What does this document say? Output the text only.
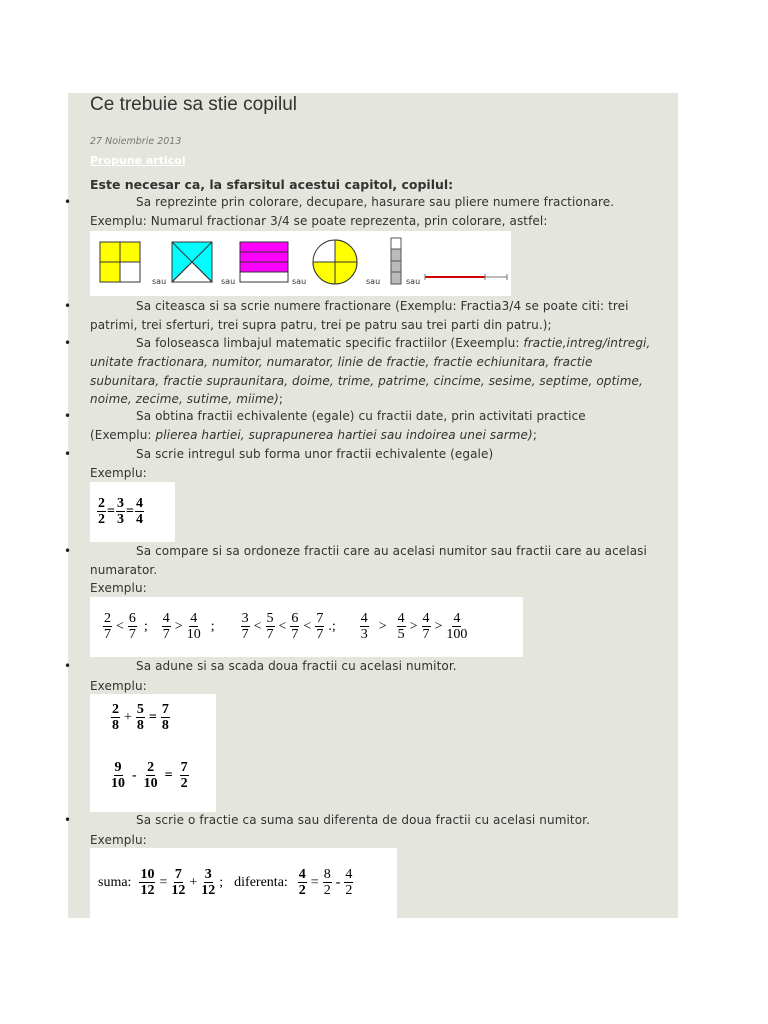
Ce trebuie sa stie copilul
27 Noiembrie 2013
Propune articol
Este necesar ca, la sfarsitul acestui capitol, copilul:
•	Sa reprezinte prin colorare, decupare, hasurare sau pliere numere fractionare.
Exemplu: Numarul fractionar 3/4 se poate reprezenta, prin colorare, astfel:
sau	sau	sau	sau	sau
•	Sa citeasca si sa scrie numere fractionare (Exemplu: Fractia3/4 se poate citi: trei
patrimi, trei sferturi, trei supra patru, trei pe patru sau trei parti din patru.);
•	Sa foloseasca limbajul matematic specific fractiilor (Exeemplu: fractie,intreg/intregi,
unitate fractionara, numitor, numarator, linie de fractie, fractie echiunitara, fractie
subunitara, fractie supraunitara, doime, trime, patrime, cincime, sesime, septime, optime,
noime, zecime, sutime, miime);
•	Sa obtina fractii echivalente (egale) cu fractii date, prin activitati practice
(Exemplu: plierea hartiei, suprapunerea hartiei sau indoirea unei sarme);
•	Sa scrie intregul sub forma unor fractii echivalente (egale)
Exemplu:
$\frac{2}{2} = \frac{3}{3} = \frac{4}{4}$
•	Sa compare si sa ordoneze fractii care au acelasi numitor sau fractii care au acelasi
numarator.
Exemplu:
$\frac{2}{7} < \frac{6}{7}$ ; $\frac{4}{7} > \frac{4}{10}$ ; $\frac{3}{7} < \frac{5}{7} < \frac{6}{7} < \frac{7}{7}$ .; $\frac{4}{3} > \frac{4}{5} > \frac{4}{7} > \frac{4}{100}$
•	Sa adune si sa scada doua fractii cu acelasi numitor.
Exemplu:
$\frac{2}{8} + \frac{5}{8} = \frac{7}{8}$
$\frac{9}{10} - \frac{2}{10} = \frac{7}{2}$
•	Sa scrie o fractie ca suma sau diferenta de doua fractii cu acelasi numitor.
Exemplu:
suma: $\frac{10}{12} = \frac{7}{12} + \frac{3}{12}$ ; diferenta: $\frac{4}{2} = \frac{8}{2} - \frac{4}{2}$
